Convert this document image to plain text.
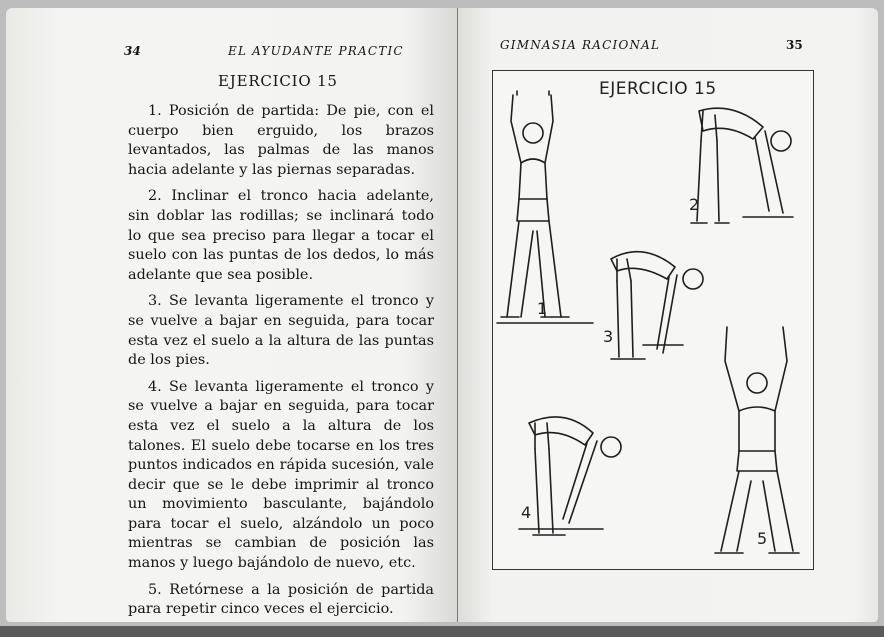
34	EL AYUDANTE PRACTIC
EJERCICIO 15

1. Posición de partida: De pie, con el cuerpo bien erguido, los brazos levantados, las palmas de las manos hacia adelante y las piernas separadas.

2. Inclinar el tronco hacia adelante, sin doblar las rodillas; se inclinará todo lo que sea preciso para llegar a tocar el suelo con las puntas de los dedos, lo más adelante que sea posible.

3. Se levanta ligeramente el tronco y se vuelve a bajar en seguida, para tocar esta vez el suelo a la altura de las puntas de los pies.

4. Se levanta ligeramente el tronco y se vuelve a bajar en seguida, para tocar esta vez el suelo a la altura de los talones. El suelo debe tocarse en los tres puntos indicados en rápida sucesión, vale decir que se le debe imprimir al tronco un movimiento basculante, bajándolo para tocar el suelo, alzándolo un poco mientras se cambian de posición las manos y luego bajándolo de nuevo, etc.

5. Retórnese a la posición de partida para repetir cinco veces el ejercicio.

GIMNASIA RACIONAL	35
EJERCICIO 15
1
2
3
4
5
